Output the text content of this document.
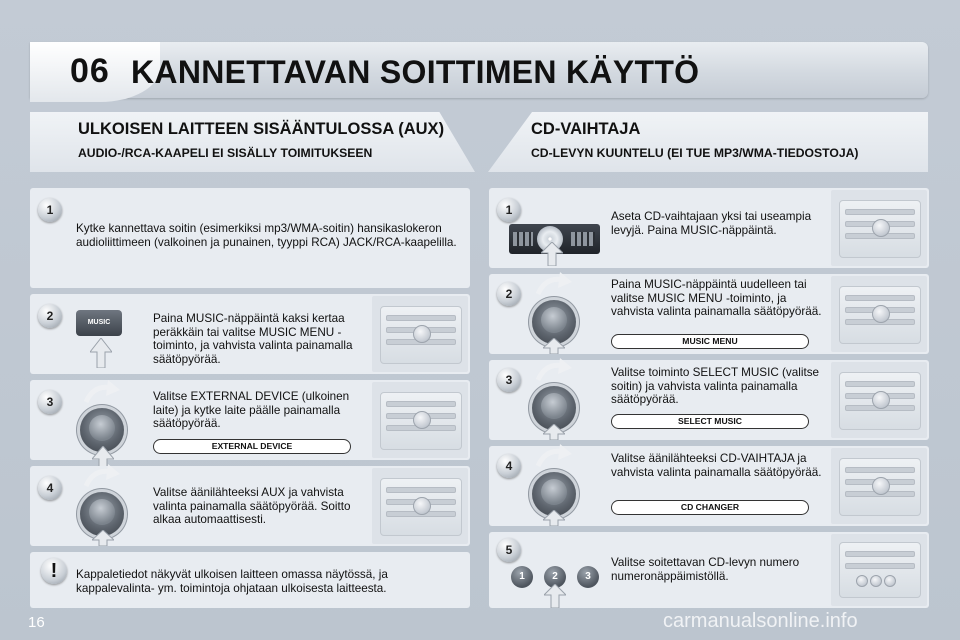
06 KANNETTAVAN SOITTIMEN KÄYTTÖ
ULKOISEN LAITTEEN SISÄÄNTULOSSA (AUX)
AUDIO-/RCA-KAAPELI EI SISÄLLY TOIMITUKSEEN
CD-VAIHTAJA
CD-LEVYN KUUNTELU (EI TUE MP3/WMA-TIEDOSTOJA)
1
Kytke kannettava soitin (esimerkiksi mp3/WMA-soitin) hansikaslokeron audioliittimeen (valkoinen ja punainen, tyyppi RCA) JACK/RCA-kaapelilla.
2	MUSIC	Paina MUSIC-näppäintä kaksi kertaa peräkkäin tai valitse MUSIC MENU -toiminto, ja vahvista valinta painamalla säätöpyörää.
3	Valitse EXTERNAL DEVICE (ulkoinen laite) ja kytke laite päälle painamalla säätöpyörää.
EXTERNAL DEVICE
4	Valitse äänilähteeksi AUX ja vahvista valinta painamalla säätöpyörää. Soitto alkaa automaattisesti.
!	Kappaletiedot näkyvät ulkoisen laitteen omassa näytössä, ja kappalevalinta- ym. toimintoja ohjataan ulkoisesta laitteesta.
1	Aseta CD-vaihtajaan yksi tai useampia levyjä. Paina MUSIC-näppäintä.
2
Paina MUSIC-näppäintä uudelleen tai valitse MUSIC MENU -toiminto, ja vahvista valinta painamalla säätöpyörää.
MUSIC MENU
3
Valitse toiminto SELECT MUSIC (valitse soitin) ja vahvista valinta painamalla säätöpyörää.
SELECT MUSIC
4
Valitse äänilähteeksi CD-VAIHTAJA ja vahvista valinta painamalla säätöpyörää.
CD CHANGER
5
1	2	3
Valitse soitettavan CD-levyn numero numeronäppäimistöllä.
16	carmanualsonline.info
